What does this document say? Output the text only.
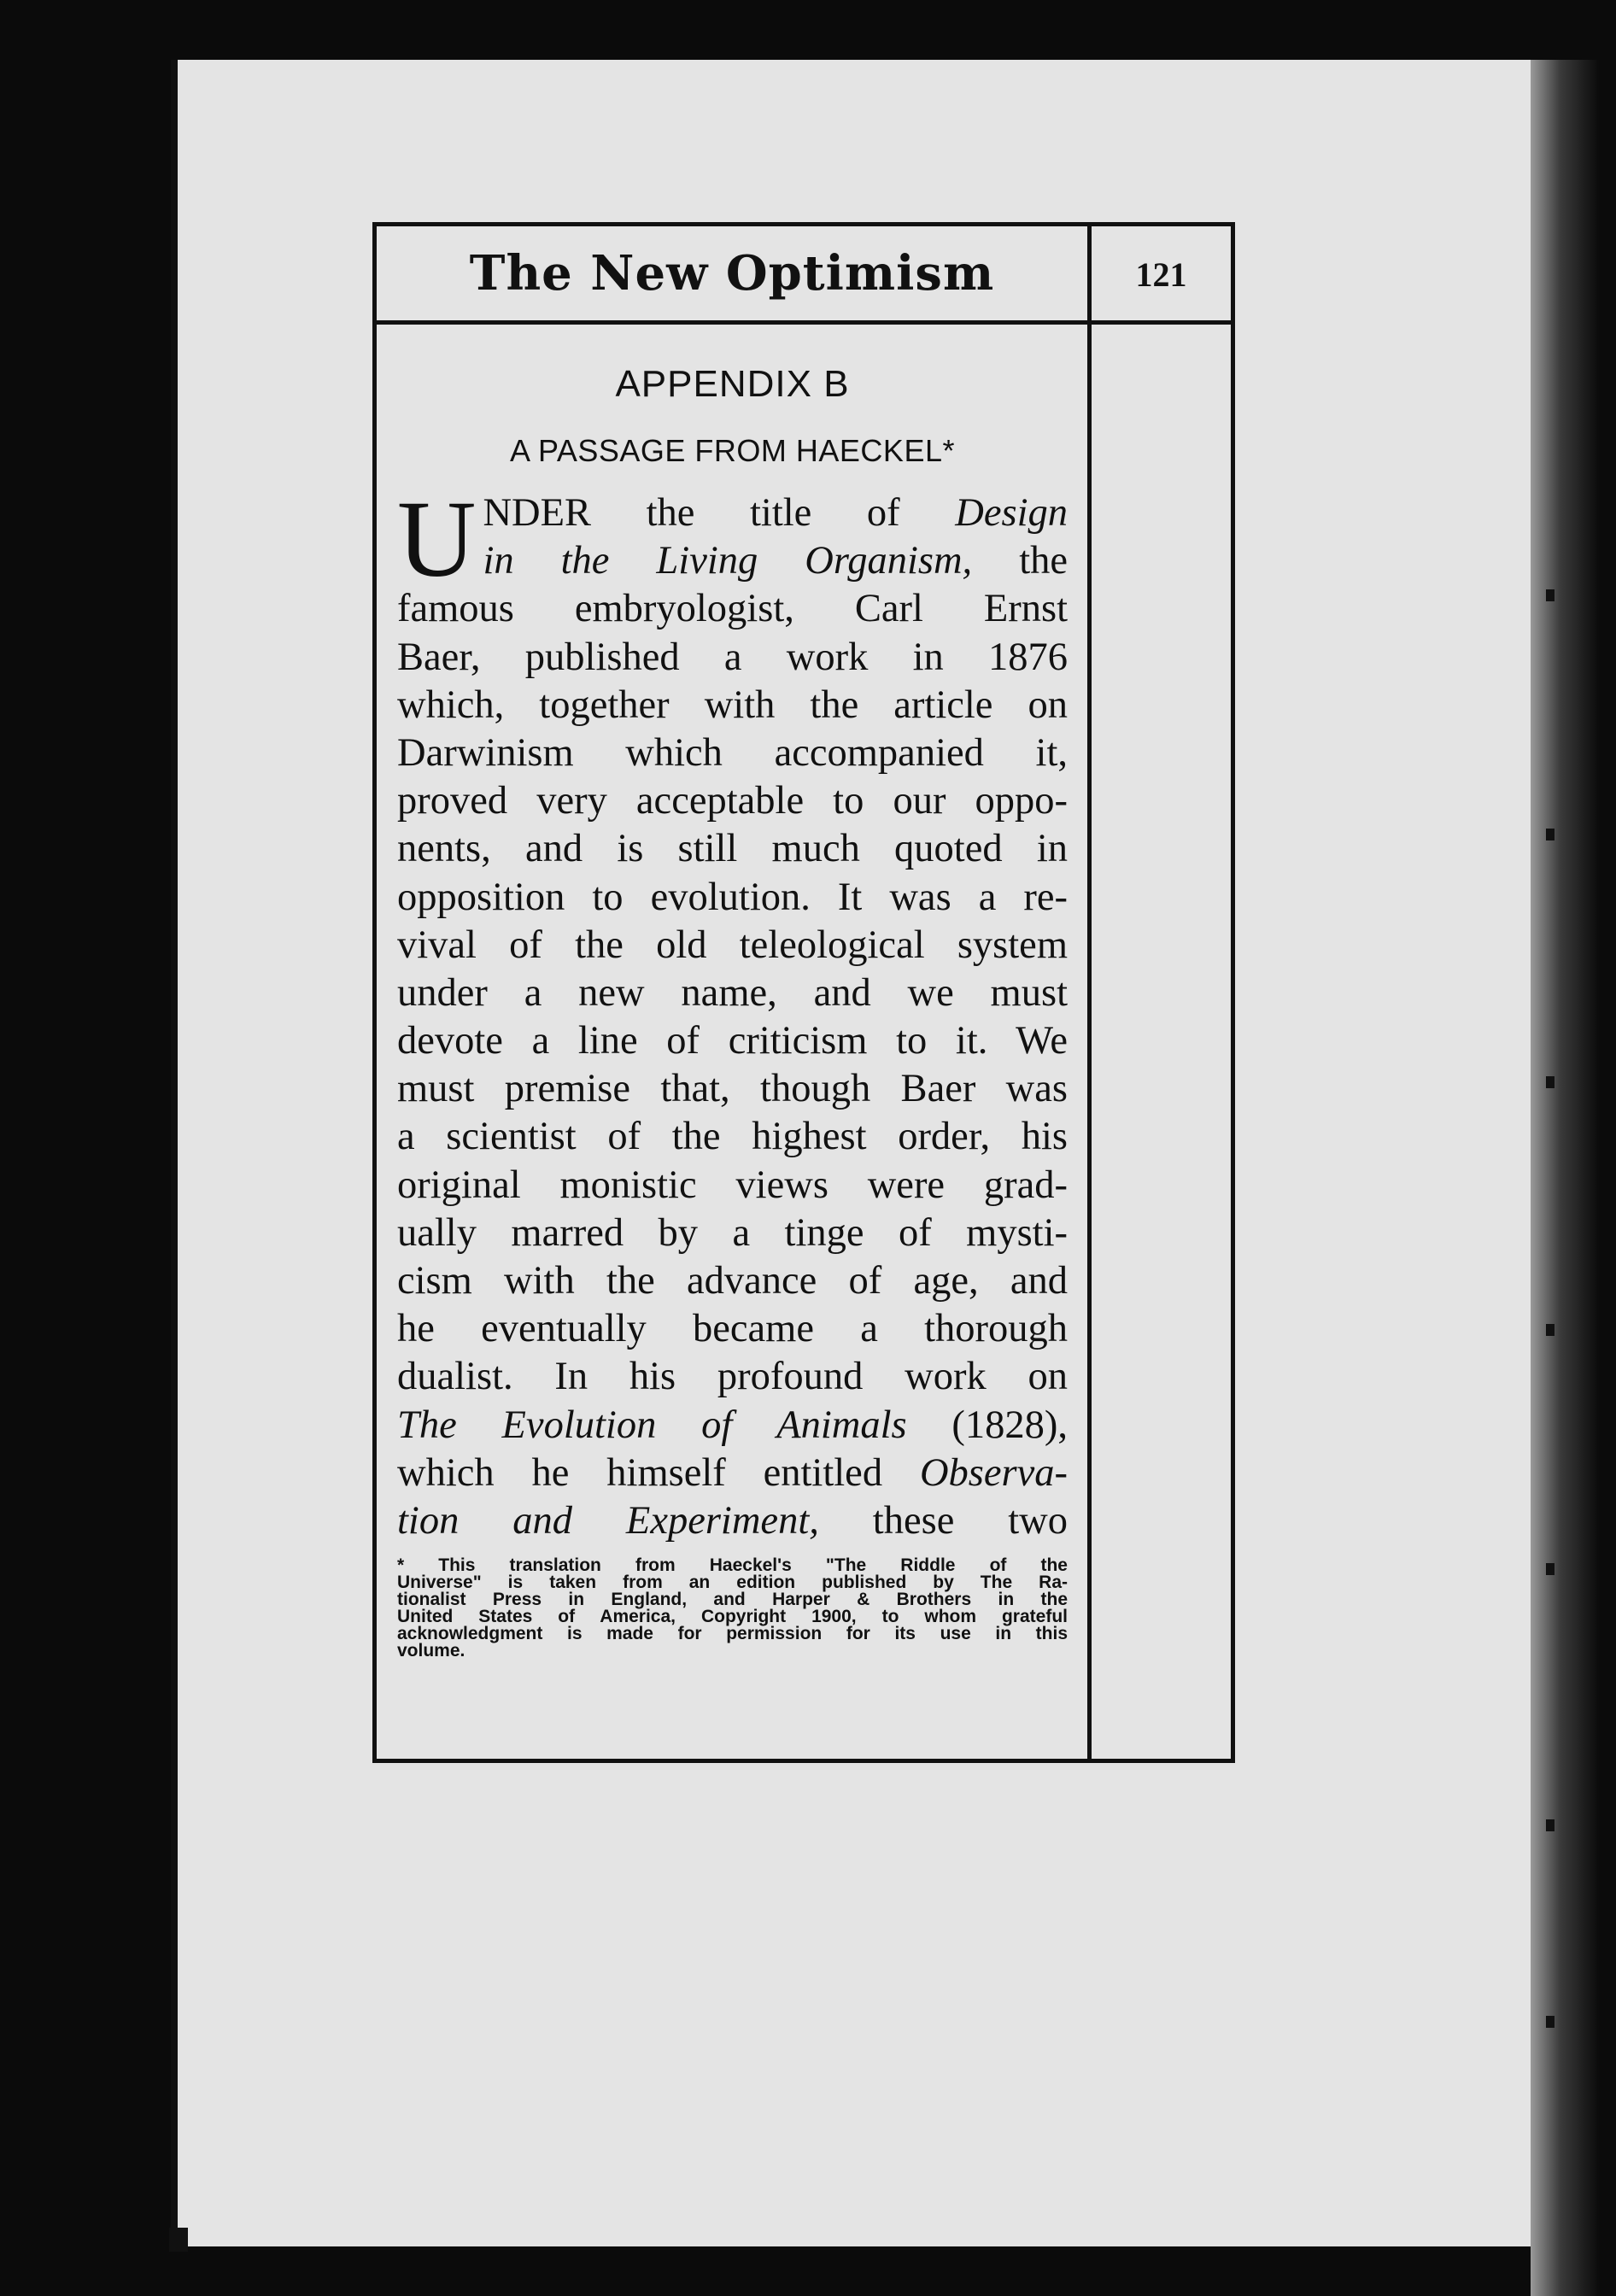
The New Optimism	121
APPENDIX B
A PASSAGE FROM HAECKEL*
U NDER the title of Design
in the Living Organism, the
famous embryologist, Carl Ernst
Baer, published a work in 1876
which, together with the article on
Darwinism which accompanied it,
proved very acceptable to our oppo-
nents, and is still much quoted in
opposition to evolution. It was a re-
vival of the old teleological system
under a new name, and we must
devote a line of criticism to it. We
must premise that, though Baer was
a scientist of the highest order, his
original monistic views were grad-
ually marred by a tinge of mysti-
cism with the advance of age, and
he eventually became a thorough
dualist. In his profound work on
The Evolution of Animals (1828),
which he himself entitled Observa-
tion and Experiment, these two
* This translation from Haeckel's "The Riddle of the
Universe" is taken from an edition published by The Ra-
tionalist Press in England, and Harper & Brothers in the
United States of America, Copyright 1900, to whom grateful
acknowledgment is made for permission for its use in this
volume.
